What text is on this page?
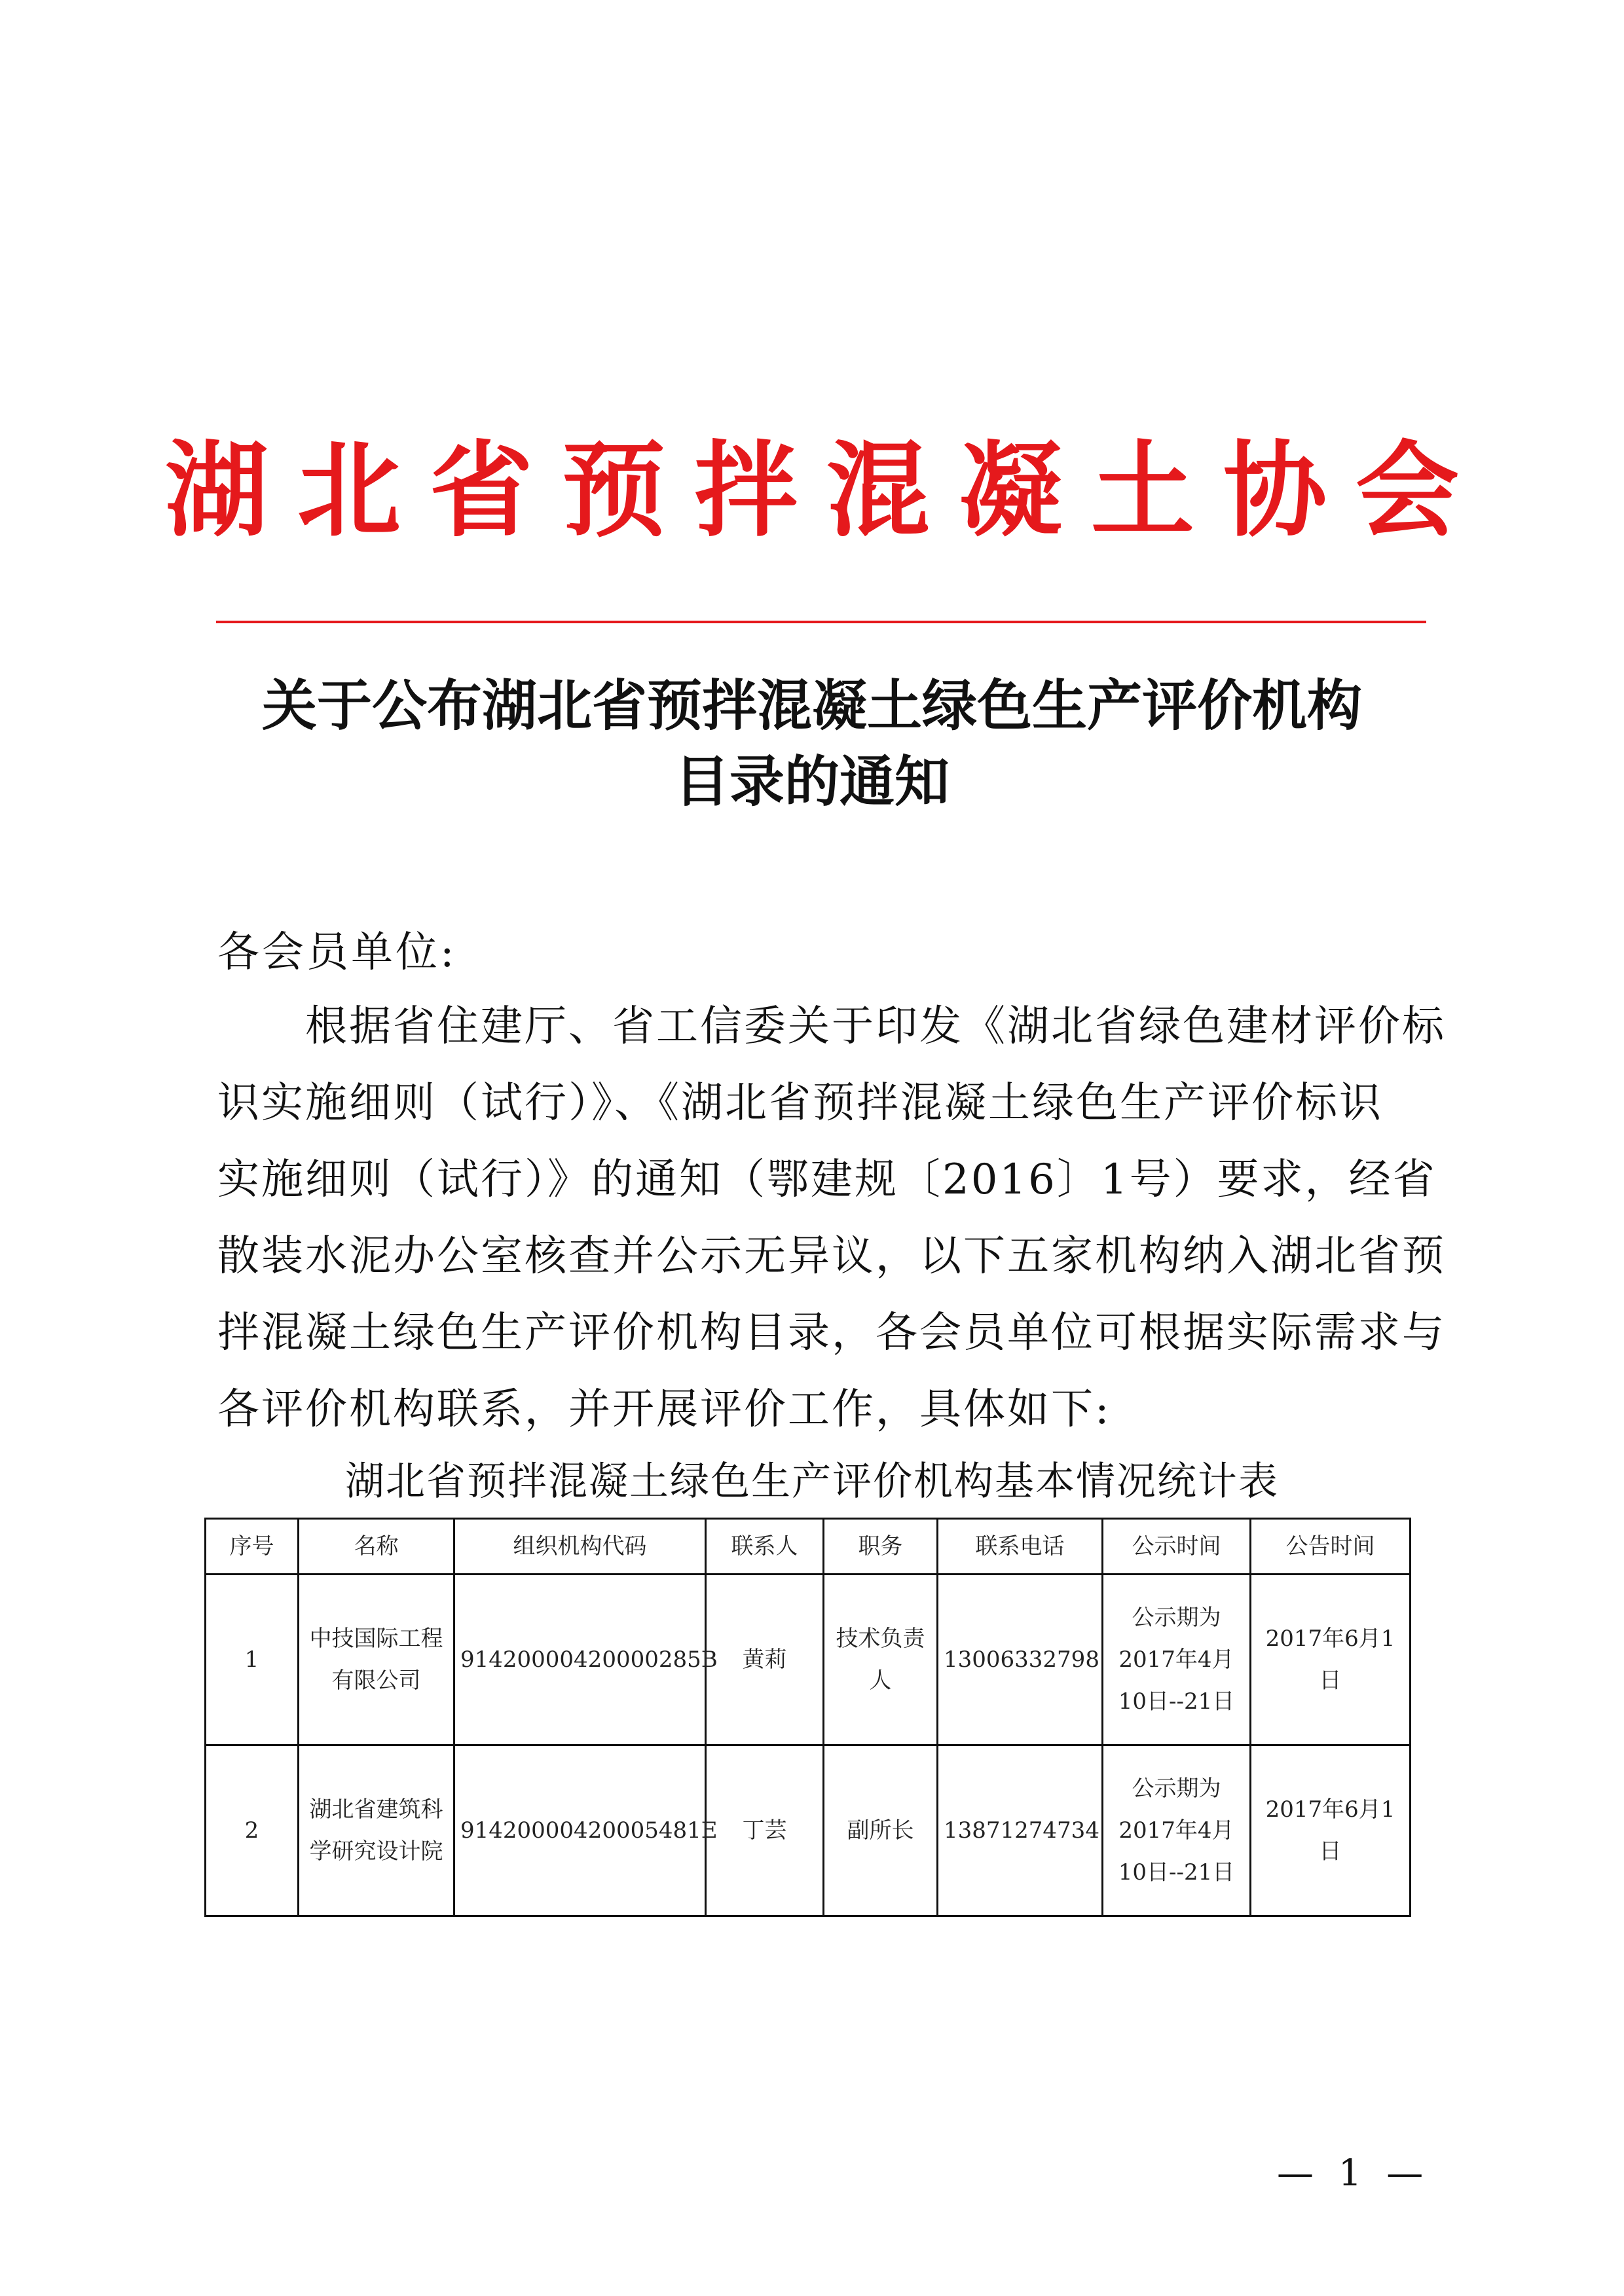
湖北省预拌混凝土协会
关于公布湖北省预拌混凝土绿色生产评价机构
目录的通知
各会员单位:
　　根据省住建厅、省工信委关于印发《湖北省绿色建材评价标
识实施细则（试行）》、《湖北省预拌混凝土绿色生产评价标识
实施细则（试行）》的通知（鄂建规〔2016〕1号）要求，经省
散装水泥办公室核查并公示无异议，以下五家机构纳入湖北省预
拌混凝土绿色生产评价机构目录，各会员单位可根据实际需求与
各评价机构联系，并开展评价工作，具体如下:
湖北省预拌混凝土绿色生产评价机构基本情况统计表
序号	名称	组织机构代码	联系人	职务	联系电话	公示时间	公告时间
1	中技国际工程有限公司	91420000420000285B	黄莉	技术负责人	13006332798	公示期为2017年4月10日--21日	2017年6月1日
2	湖北省建筑科学研究设计院	91420000420005481E	丁芸	副所长	13871274734	公示期为2017年4月10日--21日	2017年6月1日
— 1 —
